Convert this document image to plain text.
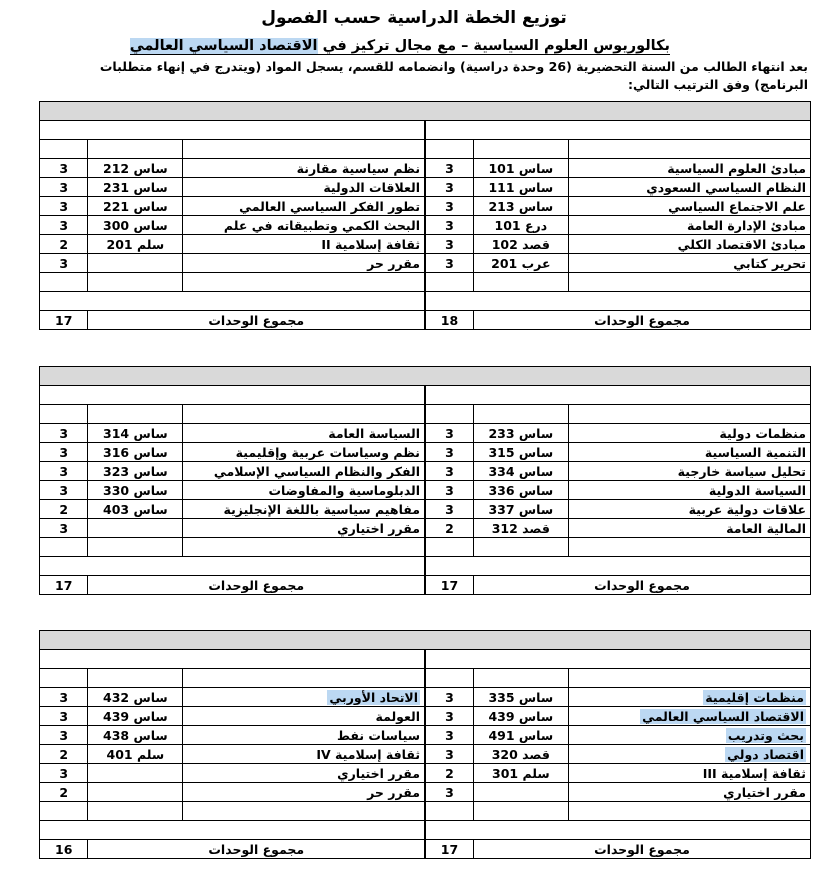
توزيع الخطة الدراسية حسب الفصول
بكالوريوس العلوم السياسية – مع مجال تركيز في الاقتصاد السياسي العالمي
بعد انتهاء الطالب من السنة التحضيرية (26 وحدة دراسية) وانضمامه للقسم، يسجل المواد (ويتدرج في إنهاء متطلبات البرنامج) وفق الترتيب التالي:

مبادئ العلوم السياسية	ساس 101	3	نظم سياسية مقارنة	ساس 212	3
النظام السياسي السعودي	ساس 111	3	العلاقات الدولية	ساس 231	3
علم الاجتماع السياسي	ساس 213	3	تطور الفكر السياسي العالمي	ساس 221	3
مبادئ الإدارة العامة	درع 101	3	البحث الكمي وتطبيقاته في علم	ساس 300	3
مبادئ الاقتصاد الكلي	قصد 102	3	ثقافة إسلامية II	سلم 201	2
تحرير كتابي	عرب 201	3	مقرر حر		3

مجموع الوحدات		18	مجموع الوحدات		17

منظمات دولية	ساس 233	3	السياسة العامة	ساس 314	3
التنمية السياسية	ساس 315	3	نظم وسياسات عربية وإقليمية	ساس 316	3
تحليل سياسة خارجية	ساس 334	3	الفكر والنظام السياسي الإسلامي	ساس 323	3
السياسة الدولية	ساس 336	3	الدبلوماسية والمفاوضات	ساس 330	3
علاقات دولية عربية	ساس 337	3	مفاهيم سياسية باللغة الإنجليزية	ساس 403	2
المالية العامة	قصد 312	2	مقرر اختياري		3

مجموع الوحدات		17	مجموع الوحدات		17

منظمات إقليمية	ساس 335	3	الاتحاد الأوربي	ساس 432	3
الاقتصاد السياسي العالمي	ساس 439	3	العولمة	ساس 439	3
بحث وتدريب	ساس 491	3	سياسات نفط	ساس 438	3
اقتصاد دولي	قصد 320	3	ثقافة إسلامية IV	سلم 401	2
ثقافة إسلامية III	سلم 301	2	مقرر اختياري		3
مقرر اختياري		3	مقرر حر		2

مجموع الوحدات		17	مجموع الوحدات		16
